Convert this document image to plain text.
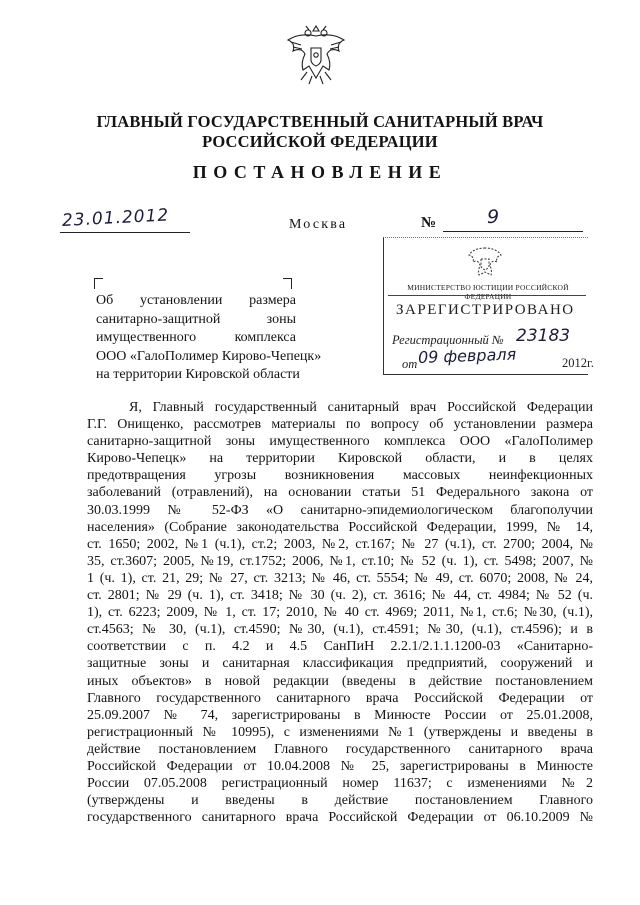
ГЛАВНЫЙ ГОСУДАРСТВЕННЫЙ САНИТАРНЫЙ ВРАЧ
РОССИЙСКОЙ ФЕДЕРАЦИИ
ПОСТАНОВЛЕНИЕ
23.01.2012	Москва	№	9
МИНИСТЕРСТВО ЮСТИЦИИ РОССИЙСКОЙ ФЕДЕРАЦИИ
ЗАРЕГИСТРИРОВАНО
Регистрационный № 23183
от 09 февраля	2012г.
Об установлении размера
санитарно-защитной зоны
имущественного комплекса
ООО «ГалоПолимер Кирово-Чепецк»
на территории Кировской области
Я, Главный государственный санитарный врач Российской Федерации
Г.Г. Онищенко, рассмотрев материалы по вопросу об установлении размера
санитарно-защитной зоны имущественного комплекса ООО «ГалоПолимер
Кирово-Чепецк» на территории Кировской области, и в целях
предотвращения угрозы возникновения массовых неинфекционных
заболеваний (отравлений), на основании статьи 51 Федерального закона от
30.03.1999 № 52-ФЗ «О санитарно-эпидемиологическом благополучии
населения» (Собрание законодательства Российской Федерации, 1999, № 14,
ст. 1650; 2002, №1 (ч.1), ст.2; 2003, №2, ст.167; № 27 (ч.1), ст. 2700; 2004, №
35, ст.3607; 2005, №19, ст.1752; 2006, №1, ст.10; № 52 (ч. 1), ст. 5498; 2007, №
1 (ч. 1), ст. 21, 29; № 27, ст. 3213; № 46, ст. 5554; № 49, ст. 6070; 2008, № 24,
ст. 2801; № 29 (ч. 1), ст. 3418; № 30 (ч. 2), ст. 3616; № 44, ст. 4984; № 52 (ч.
1), ст. 6223; 2009, № 1, ст. 17; 2010, № 40 ст. 4969; 2011, №1, ст.6; №30, (ч.1),
ст.4563; № 30, (ч.1), ст.4590; №30, (ч.1), ст.4591; №30, (ч.1), ст.4596); и в
соответствии с п. 4.2 и 4.5 СанПиН 2.2.1/2.1.1.1200-03 «Санитарно-
защитные зоны и санитарная классификация предприятий, сооружений и
иных объектов» в новой редакции (введены в действие постановлением
Главного государственного санитарного врача Российской Федерации от
25.09.2007 № 74, зарегистрированы в Минюсте России от 25.01.2008,
регистрационный № 10995), с изменениями №1 (утверждены и введены в
действие постановлением Главного государственного санитарного врача
Российской Федерации от 10.04.2008 № 25, зарегистрированы в Минюсте
России 07.05.2008 регистрационный номер 11637; с изменениями №2
(утверждены и введены в действие постановлением Главного
государственного санитарного врача Российской Федерации от 06.10.2009 №
